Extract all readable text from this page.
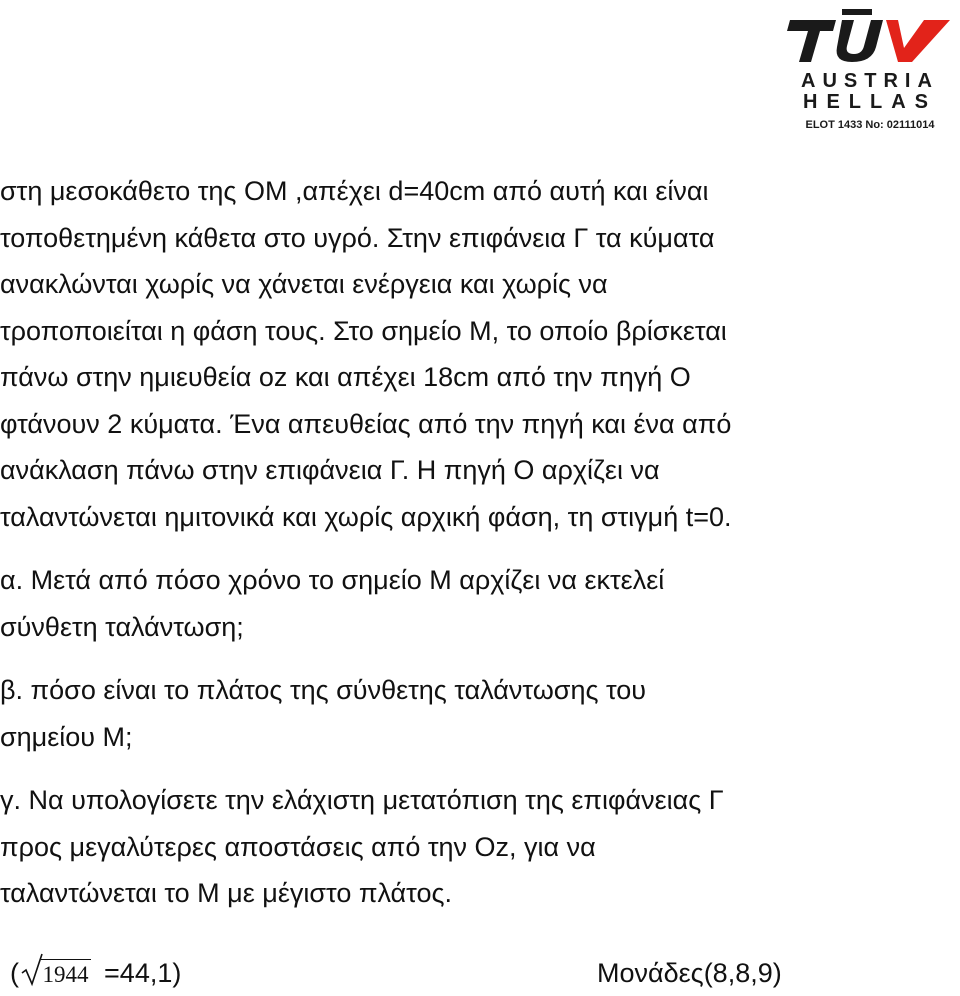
AUSTRIA
HELLAS
ELOT 1433 No: 02111014
στη μεσοκάθετο της ΟΜ ,απέχει d=40cm από αυτή και είναι
τοποθετημένη κάθετα στο υγρό. Στην επιφάνεια Γ τα κύματα
ανακλώνται χωρίς να χάνεται ενέργεια και χωρίς να
τροποποιείται η φάση τους. Στο σημείο Μ, το οποίο βρίσκεται
πάνω στην ημιευθεία οz και απέχει 18cm από την πηγή Ο
φτάνουν 2 κύματα. Ένα απευθείας από την πηγή και ένα από
ανάκλαση πάνω στην επιφάνεια Γ. Η πηγή Ο αρχίζει να
ταλαντώνεται ημιτονικά και χωρίς αρχική φάση, τη στιγμή t=0.
α. Μετά από πόσο χρόνο το σημείο Μ αρχίζει να εκτελεί
σύνθετη ταλάντωση;
β. πόσο είναι το πλάτος της σύνθετης ταλάντωσης του
σημείου Μ;
γ. Να υπολογίσετε την ελάχιστη μετατόπιση της επιφάνειας Γ
προς μεγαλύτερες αποστάσεις από την Oz, για να
ταλαντώνεται το Μ με μέγιστο πλάτος.
( 1944 =44,1)	Μονάδες(8,8,9)
